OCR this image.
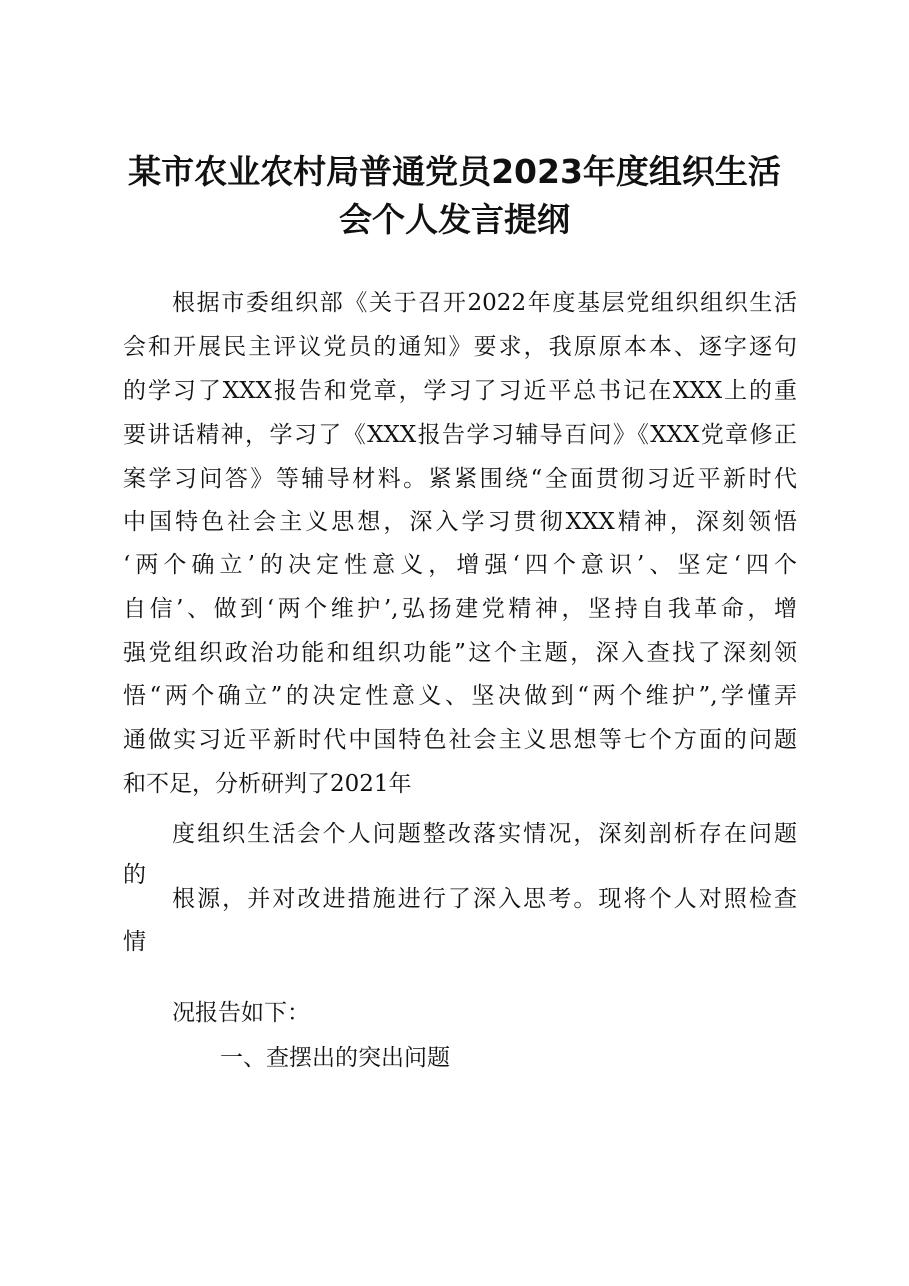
某市农业农村局普通党员2023年度组织生活
会个人发言提纲

根据市委组织部《关于召开2022年度基层党组织组织生活

会和开展民主评议党员的通知》要求，我原原本本、逐字逐句

的学习了XXX报告和党章，学习了习近平总书记在XXX上的重

要讲话精神，学习了《XXX报告学习辅导百问》《XXX党章修正

案学习问答》等辅导材料。紧紧围绕“全面贯彻习近平新时代

中国特色社会主义思想，深入学习贯彻XXX精神，深刻领悟

‘两个确立’的决定性意义，增强‘四个意识’、坚定‘四个

自信’、做到‘两个维护’,弘扬建党精神，坚持自我革命，增

强党组织政治功能和组织功能”这个主题，深入查找了深刻领

悟“两个确立”的决定性意义、坚决做到“两个维护”,学懂弄

通做实习近平新时代中国特色社会主义思想等七个方面的问题

和不足，分析研判了2021年

度组织生活会个人问题整改落实情况，深刻剖析存在问题

的

根源，并对改进措施进行了深入思考。现将个人对照检查

情

况报告如下：

一、查摆出的突出问题
